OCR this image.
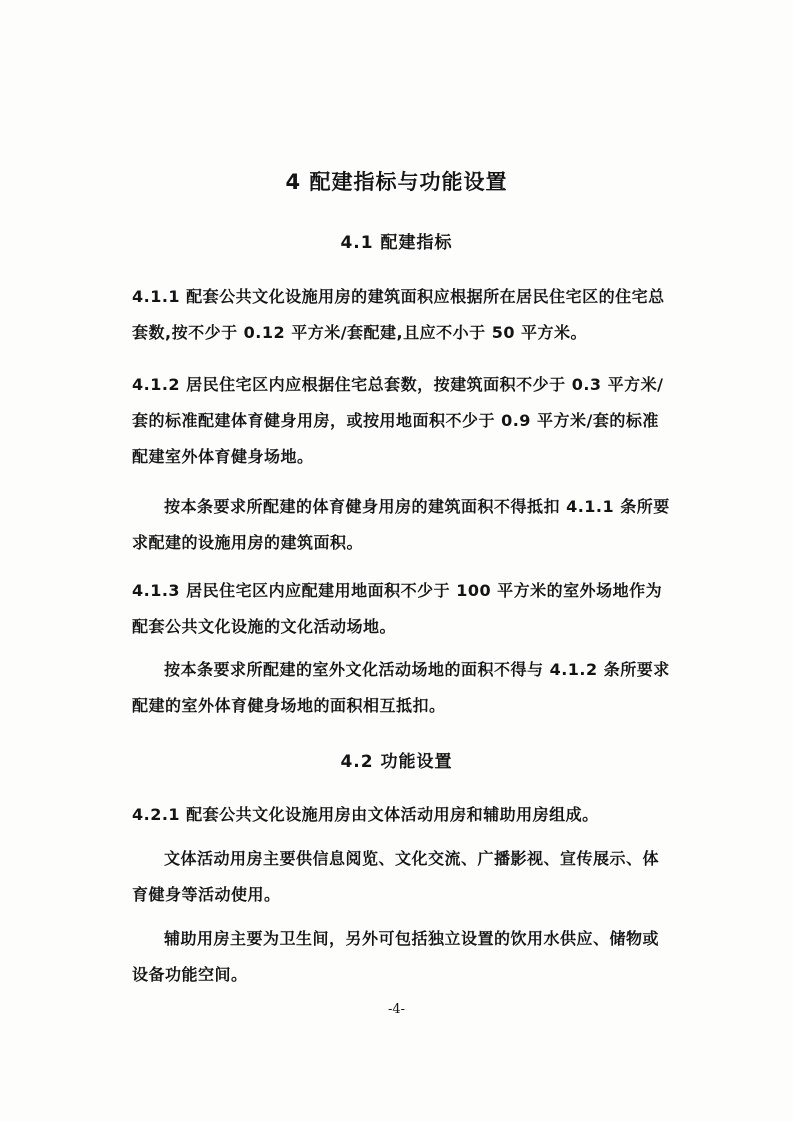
4 配建指标与功能设置
4.1 配建指标

4.1.1 配套公共文化设施用房的建筑面积应根据所在居民住宅区的住宅总套数,按不少于 0.12 平方米/套配建,且应不小于 50 平方米。

4.1.2 居民住宅区内应根据住宅总套数，按建筑面积不少于 0.3 平方米/套的标准配建体育健身用房，或按用地面积不少于 0.9 平方米/套的标准配建室外体育健身场地。

按本条要求所配建的体育健身用房的建筑面积不得抵扣 4.1.1 条所要求配建的设施用房的建筑面积。

4.1.3 居民住宅区内应配建用地面积不少于 100 平方米的室外场地作为配套公共文化设施的文化活动场地。

按本条要求所配建的室外文化活动场地的面积不得与 4.1.2 条所要求配建的室外体育健身场地的面积相互抵扣。

4.2 功能设置

4.2.1 配套公共文化设施用房由文体活动用房和辅助用房组成。

文体活动用房主要供信息阅览、文化交流、广播影视、宣传展示、体育健身等活动使用。

辅助用房主要为卫生间，另外可包括独立设置的饮用水供应、储物或设备功能空间。

-4-
